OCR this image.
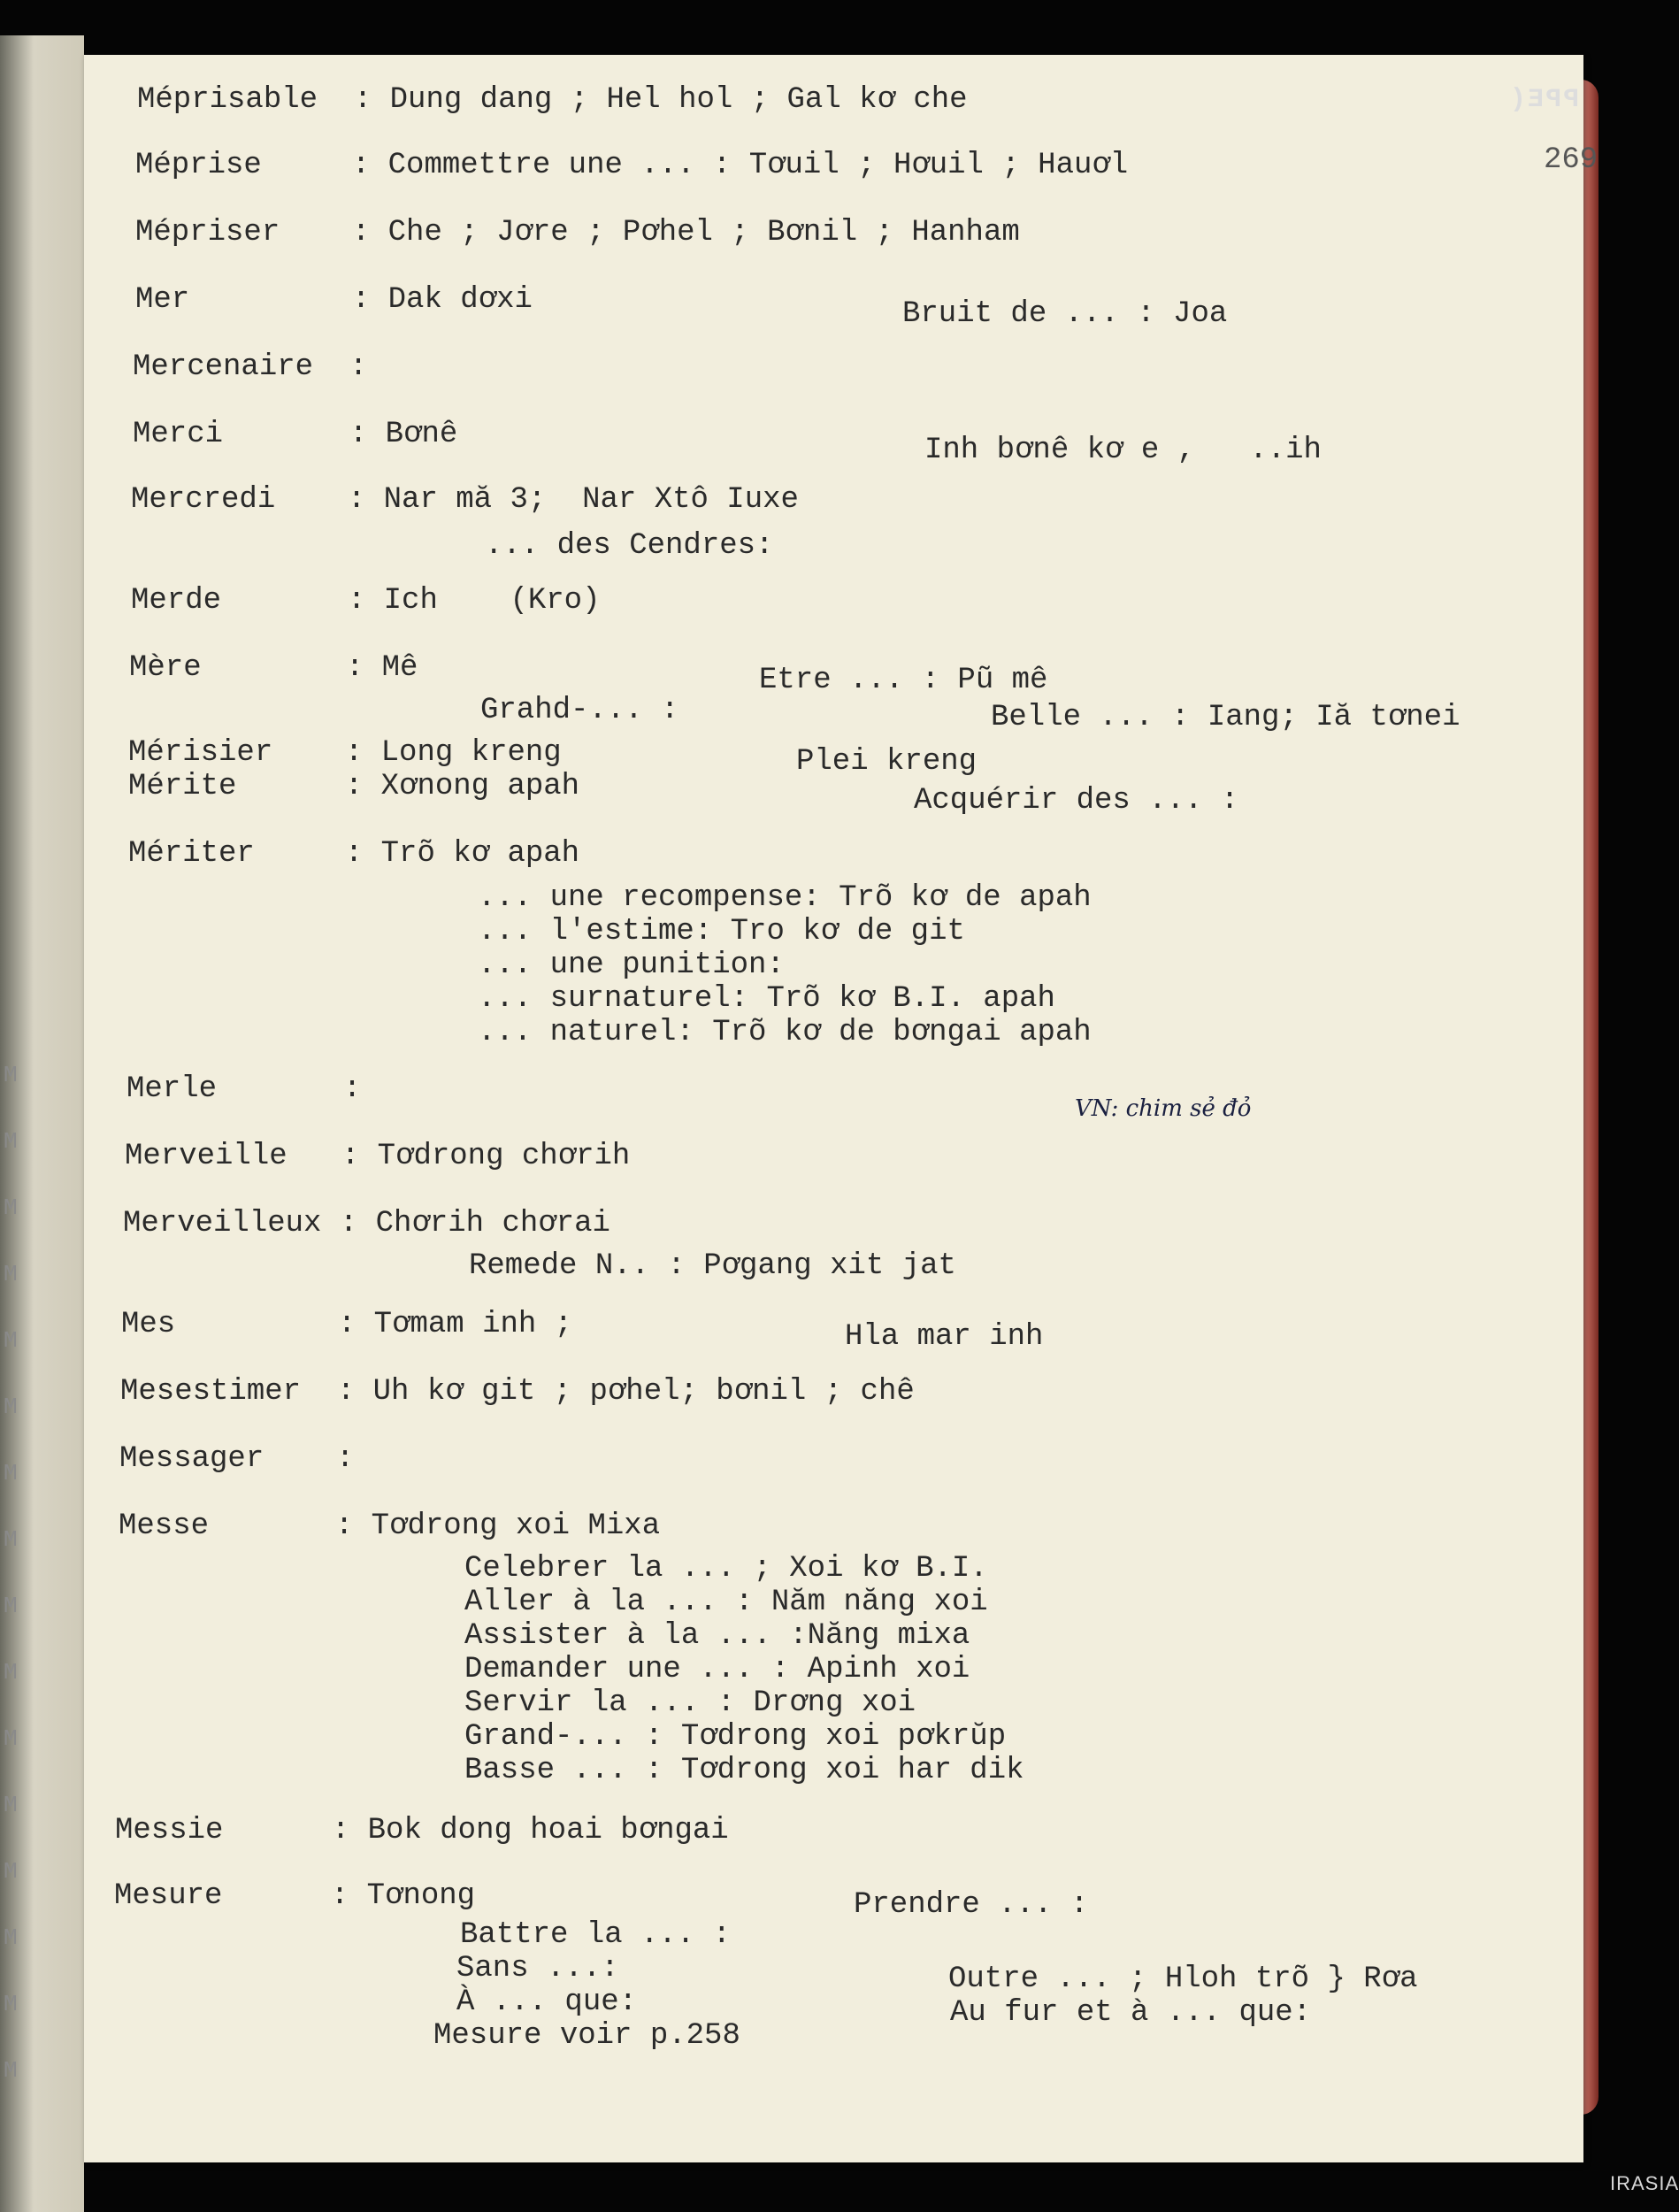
PPE(
269
Méprisable  : Dung dang ; Hel hol ; Gal kơ che
Méprise     : Commettre une ... : Tơuil ; Hơuil ; Hauơl
Mépriser    : Che ; Jơre ; Pơhel ; Bơnil ; Hanham
Mer         : Dak dơxi	Bruit de ... : Joa
Mercenaire  :
Merci       : Bơnê	Inh bơnê kơ e ,   ..ih
Mercredi    : Nar mă 3;  Nar Xtô Iuxe
... des Cendres:
Merde       : Ich    (Kro)
Mère        : Mê	Etre ... : Pũ mê
Grahd-... :	Belle ... : Iang; Iă tơnei
Mérisier    : Long kreng	Plei kreng
Mérite      : Xơnong apah	Acquérir des ... :
Mériter     : Trõ kơ apah
... une recompense: Trõ kơ de apah
... l'estime: Tro kơ de git
... une punition:
... surnaturel: Trõ kơ B.I. apah
... naturel: Trõ kơ de bơngai apah
Merle       :
Merveille   : Tơdrong chơrih
Merveilleux : Chơrih chơrai
Remede N.. : Pơgang xit jat
Mes         : Tơmam inh ;	Hla mar inh
Mesestimer  : Uh kơ git ; pơhel; bơnil ; chê
Messager    :
Messe       : Tơdrong xoi Mixa
Celebrer la ... ; Xoi kơ B.I.
Aller à la ... : Năm năng xoi
Assister à la ... :Năng mixa
Demander une ... : Apinh xoi
Servir la ... : Drơng xoi
Grand-... : Tơdrong xoi pơkrŭp
Basse ... : Tơdrong xoi har dik
Messie      : Bok dong hoai bơngai
Mesure      : Tơnong	Prendre ... :
Battre la ... :
Sans ...:	Outre ... ; Hloh trõ } Rơa
À ... que:	Au fur et à ... que:
Mesure voir p.258
VN: chim sẻ đỏ
IRASIA
M
M
M
M
M
M
M
M
M
M
M
M
M
M
M
M
